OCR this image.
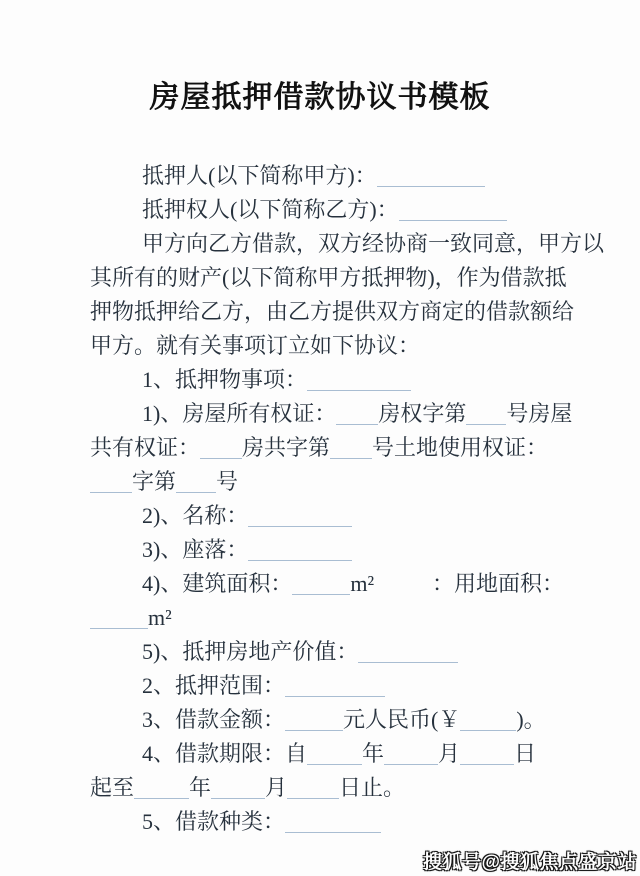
房屋抵押借款协议书模板
抵押人(以下简称甲方)：
抵押权人(以下简称乙方)：
甲方向乙方借款，双方经协商一致同意，甲方以
其所有的财产(以下简称甲方抵押物)，作为借款抵
押物抵押给乙方，由乙方提供双方商定的借款额给
甲方。就有关事项订立如下协议：
1、抵押物事项：
1)、房屋所有权证： 房权字第 号房屋
共有权证： 房共字第 号土地使用权证：
字第 号
2)、名称：
3)、座落：
4)、建筑面积：	m²	：用地面积：
m²
5)、抵押房地产价值：
2、抵押范围：
3、借款金额：	元人民币(￥	)。
4、借款期限：自	年 月 日
起至	年 月 日止。
5、借款种类：
搜狐号@搜狐焦点盛京站
